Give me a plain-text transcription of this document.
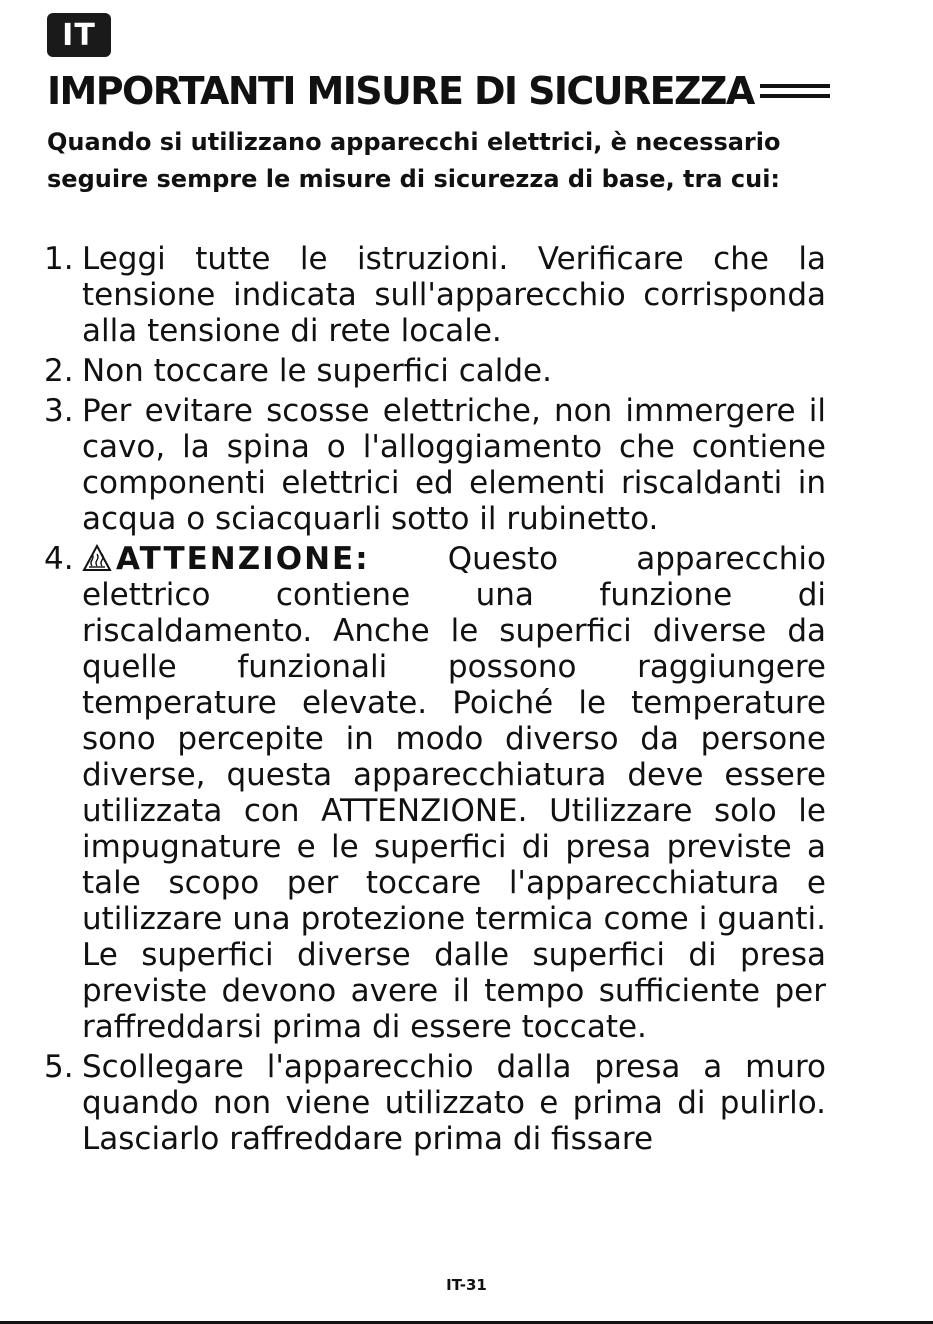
IT
IMPORTANTI MISURE DI SICUREZZA
Quando si utilizzano apparecchi elettrici, è necessario seguire sempre le misure di sicurezza di base, tra cui:
1. Leggi tutte le istruzioni. Verificare che la tensione indicata sull'apparecchio corrisponda alla tensione di rete locale.
2. Non toccare le superfici calde.
3. Per evitare scosse elettriche, non immergere il cavo, la spina o l'alloggiamento che contiene componenti elettrici ed elementi riscaldanti in acqua o sciacquarli sotto il rubinetto.
4. ATTENZIONE:	Questo apparecchio elettrico contiene una funzione di riscaldamento. Anche le superfici diverse da quelle funzionali possono raggiungere temperature elevate. Poiché le temperature sono percepite in modo diverso da persone diverse, questa apparecchiatura deve essere utilizzata con ATTENZIONE. Utilizzare solo le impugnature e le superfici di presa previste a tale scopo per toccare l'apparecchiatura e utilizzare una protezione termica come i guanti. Le superfici diverse dalle superfici di presa previste devono avere il tempo sufficiente per raffreddarsi prima di essere toccate.
5. Scollegare l'apparecchio dalla presa a muro quando non viene utilizzato e prima di pulirlo. Lasciarlo raffreddare prima di fissare
IT-31
